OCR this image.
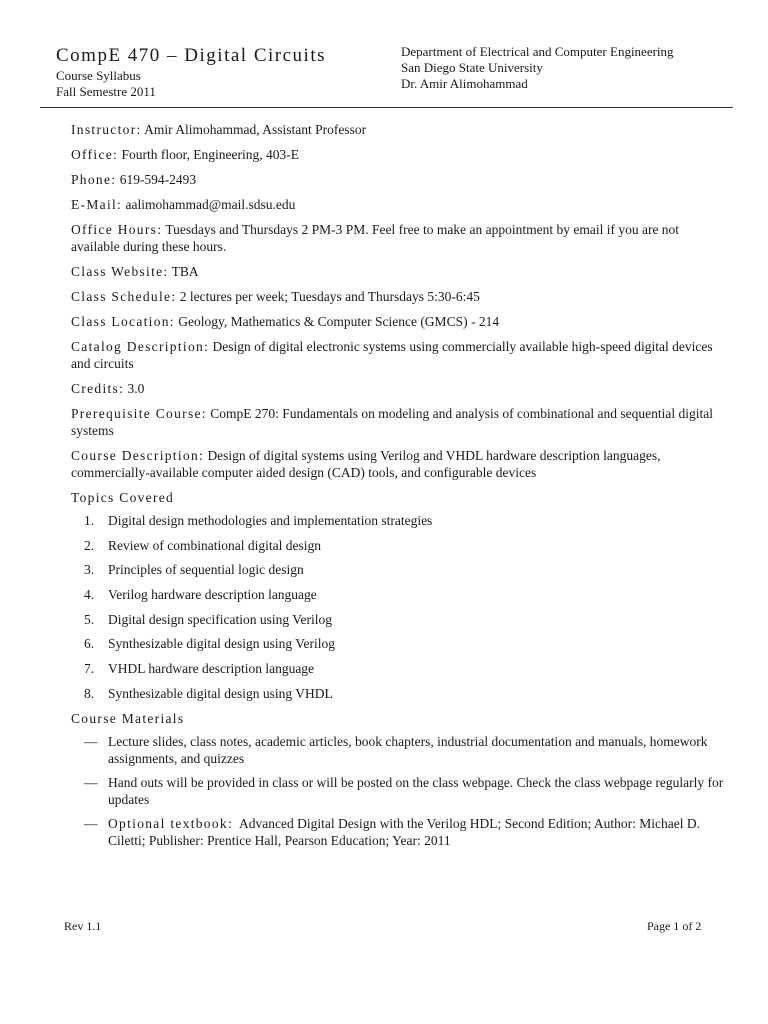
CompE 470 – Digital Circuits
Course Syllabus
Fall Semestre 2011
Department of Electrical and Computer Engineering
San Diego State University
Dr. Amir Alimohammad
Instructor: Amir Alimohammad, Assistant Professor
Office: Fourth floor, Engineering, 403-E
Phone: 619-594-2493
E-Mail: aalimohammad@mail.sdsu.edu
Office Hours: Tuesdays and Thursdays 2 PM-3 PM. Feel free to make an appointment by email if you are not available during these hours.
Class Website: TBA
Class Schedule: 2 lectures per week; Tuesdays and Thursdays 5:30-6:45
Class Location: Geology, Mathematics & Computer Science (GMCS) - 214
Catalog Description: Design of digital electronic systems using commercially available high-speed digital devices and circuits
Credits: 3.0
Prerequisite Course: CompE 270: Fundamentals on modeling and analysis of combinational and sequential digital systems
Course Description: Design of digital systems using Verilog and VHDL hardware description languages, commercially-available computer aided design (CAD) tools, and configurable devices
Topics Covered
1.	Digital design methodologies and implementation strategies
2.	Review of combinational digital design
3.	Principles of sequential logic design
4.	Verilog hardware description language
5.	Digital design specification using Verilog
6.	Synthesizable digital design using Verilog
7.	VHDL hardware description language
8.	Synthesizable digital design using VHDL
Course Materials
— Lecture slides, class notes, academic articles, book chapters, industrial documentation and manuals, homework assignments, and quizzes
— Hand outs will be provided in class or will be posted on the class webpage. Check the class webpage regularly for updates
— Optional textbook:  Advanced Digital Design with the Verilog HDL; Second Edition; Author: Michael D. Ciletti; Publisher: Prentice Hall, Pearson Education; Year: 2011
Rev 1.1	Page 1 of 2
